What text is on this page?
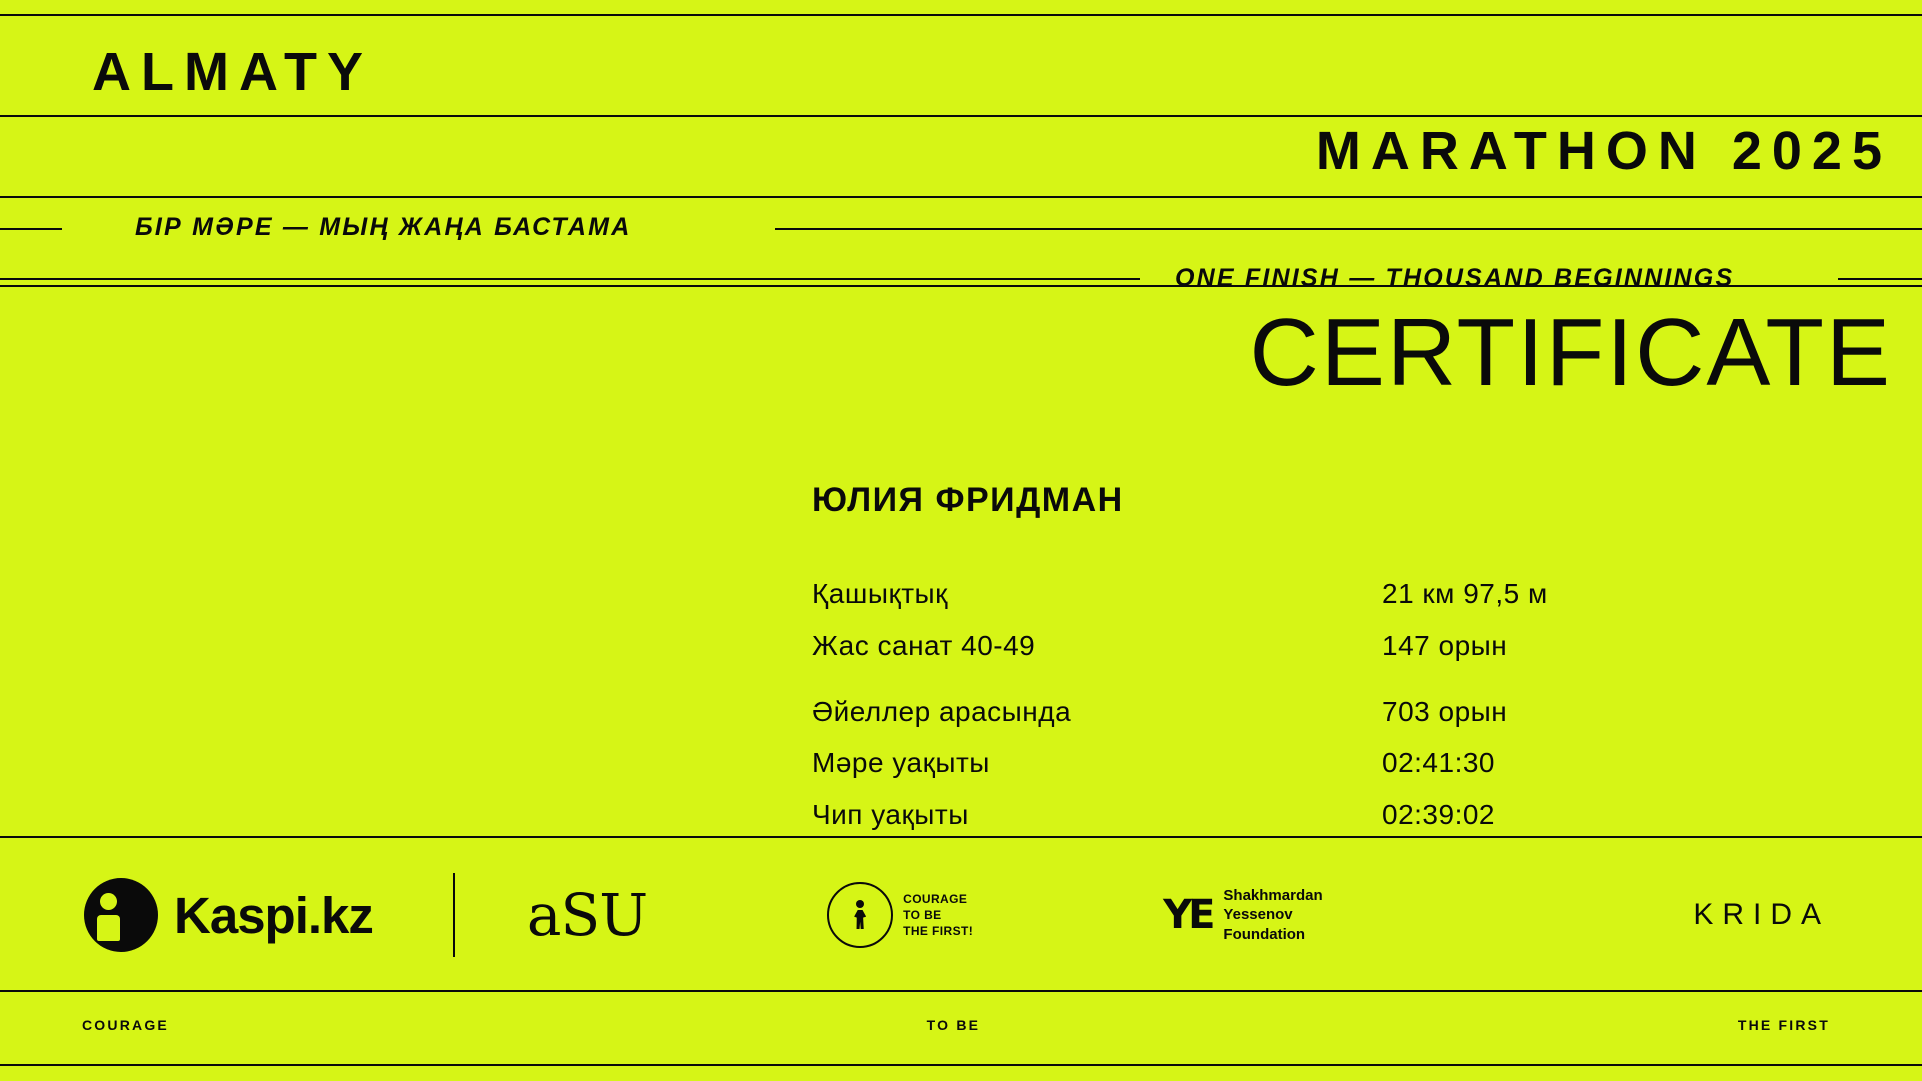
ALMATY
MARATHON 2025
БІР МӘРЕ — МЫҢ ЖАҢА БАСТАМА
ONE FINISH — THOUSAND BEGINNINGS
CERTIFICATE
ЮЛИЯ ФРИДМАН
Қашықтық	21 км 97,5 м
Жас санат 40-49	147 орын
Әйеллер арасында	703 орын
Мәре уақыты	02:41:30
Чип уақыты	02:39:02
Kaspi.kz	aSU	COURAGE
TO BE
THE FIRST!	YE Shakhmardan
Yessenov
Foundation
KRIDA
COURAGE	TO BE	THE FIRST
